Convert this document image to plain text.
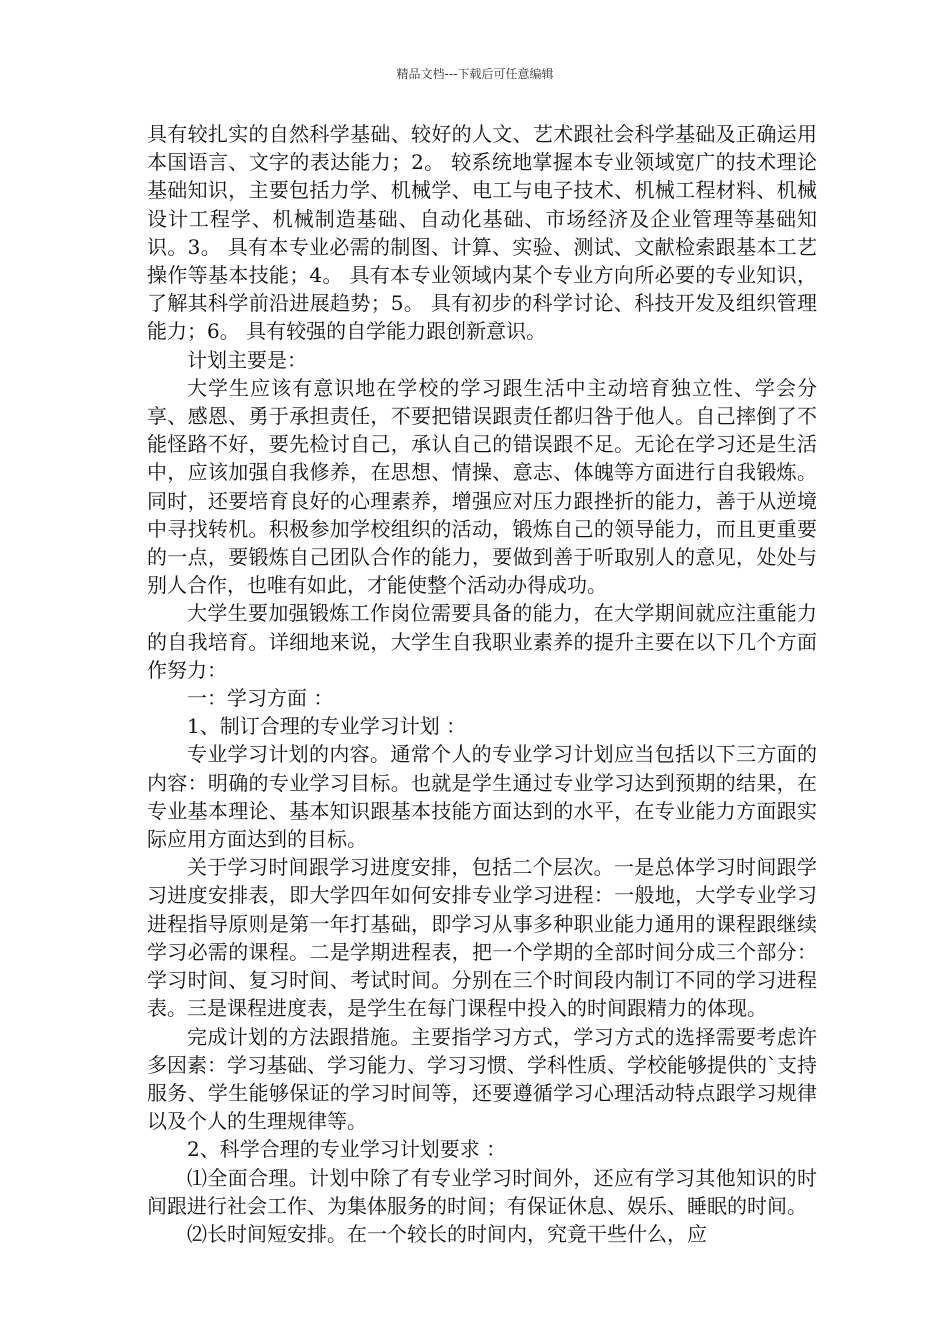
精品文档---下载后可任意编辑

具有较扎实的自然科学基础、较好的人文、艺术跟社会科学基础及正确运用本国语言、文字的表达能力；2。 较系统地掌握本专业领域宽广的技术理论基础知识，主要包括力学、机械学、电工与电子技术、机械工程材料、机械设计工程学、机械制造基础、自动化基础、市场经济及企业管理等基础知识。3。 具有本专业必需的制图、计算、实验、测试、文献检索跟基本工艺操作等基本技能；4。 具有本专业领域内某个专业方向所必要的专业知识，了解其科学前沿进展趋势；5。 具有初步的科学讨论、科技开发及组织管理能力；6。 具有较强的自学能力跟创新意识。

计划主要是：

大学生应该有意识地在学校的学习跟生活中主动培育独立性、学会分享、感恩、勇于承担责任，不要把错误跟责任都归咎于他人。自己摔倒了不能怪路不好，要先检讨自己，承认自己的错误跟不足。无论在学习还是生活中，应该加强自我修养，在思想、情操、意志、体魄等方面进行自我锻炼。同时，还要培育良好的心理素养，增强应对压力跟挫折的能力，善于从逆境中寻找转机。积极参加学校组织的活动，锻炼自己的领导能力，而且更重要的一点，要锻炼自己团队合作的能力，要做到善于听取别人的意见，处处与别人合作，也唯有如此，才能使整个活动办得成功。

大学生要加强锻炼工作岗位需要具备的能力，在大学期间就应注重能力的自我培育。详细地来说，大学生自我职业素养的提升主要在以下几个方面作努力：

一：学习方面 ：

1、制订合理的专业学习计划 ：

专业学习计划的内容。通常个人的专业学习计划应当包括以下三方面的内容：明确的专业学习目标。也就是学生通过专业学习达到预期的结果，在专业基本理论、基本知识跟基本技能方面达到的水平，在专业能力方面跟实际应用方面达到的目标。

关于学习时间跟学习进度安排，包括二个层次。一是总体学习时间跟学习进度安排表，即大学四年如何安排专业学习进程：一般地，大学专业学习进程指导原则是第一年打基础，即学习从事多种职业能力通用的课程跟继续学习必需的课程。二是学期进程表，把一个学期的全部时间分成三个部分：学习时间、复习时间、考试时间。分别在三个时间段内制订不同的学习进程表。三是课程进度表，是学生在每门课程中投入的时间跟精力的体现。

完成计划的方法跟措施。主要指学习方式，学习方式的选择需要考虑许多因素：学习基础、学习能力、学习习惯、学科性质、学校能够提供的`支持服务、学生能够保证的学习时间等，还要遵循学习心理活动特点跟学习规律以及个人的生理规律等。

2、科学合理的专业学习计划要求 ：

⑴全面合理。计划中除了有专业学习时间外，还应有学习其他知识的时间跟进行社会工作、为集体服务的时间；有保证休息、娱乐、睡眠的时间。

⑵长时间短安排。在一个较长的时间内，究竟干些什么，应
